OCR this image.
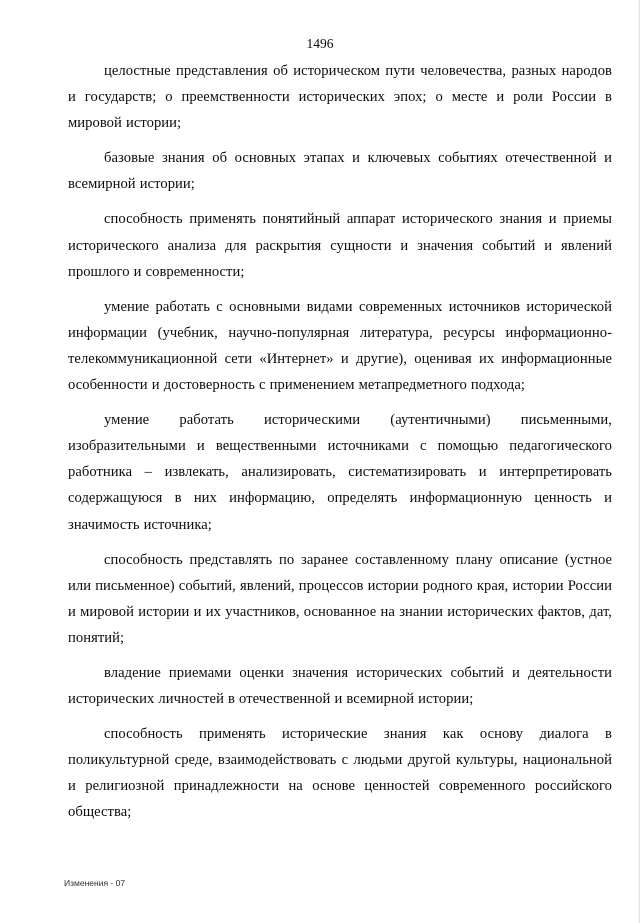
1496

целостные представления об историческом пути человечества, разных народов и государств; о преемственности исторических эпох; о месте и роли России в мировой истории;

базовые знания об основных этапах и ключевых событиях отечественной и всемирной истории;

способность применять понятийный аппарат исторического знания и приемы исторического анализа для раскрытия сущности и значения событий и явлений прошлого и современности;

умение работать с основными видами современных источников исторической информации (учебник, научно-популярная литература, ресурсы информационно-телекоммуникационной сети «Интернет» и другие), оценивая их информационные особенности и достоверность с применением метапредметного подхода;

умение работать историческими (аутентичными) письменными, изобразительными и вещественными источниками с помощью педагогического работника – извлекать, анализировать, систематизировать и интерпретировать содержащуюся в них информацию, определять информационную ценность и значимость источника;

способность представлять по заранее составленному плану описание (устное или письменное) событий, явлений, процессов истории родного края, истории России и мировой истории и их участников, основанное на знании исторических фактов, дат, понятий;

владение приемами оценки значения исторических событий и деятельности исторических личностей в отечественной и всемирной истории;

способность применять исторические знания как основу диалога в поликультурной среде, взаимодействовать с людьми другой культуры, национальной и религиозной принадлежности на основе ценностей современного российского общества;

Изменения - 07
